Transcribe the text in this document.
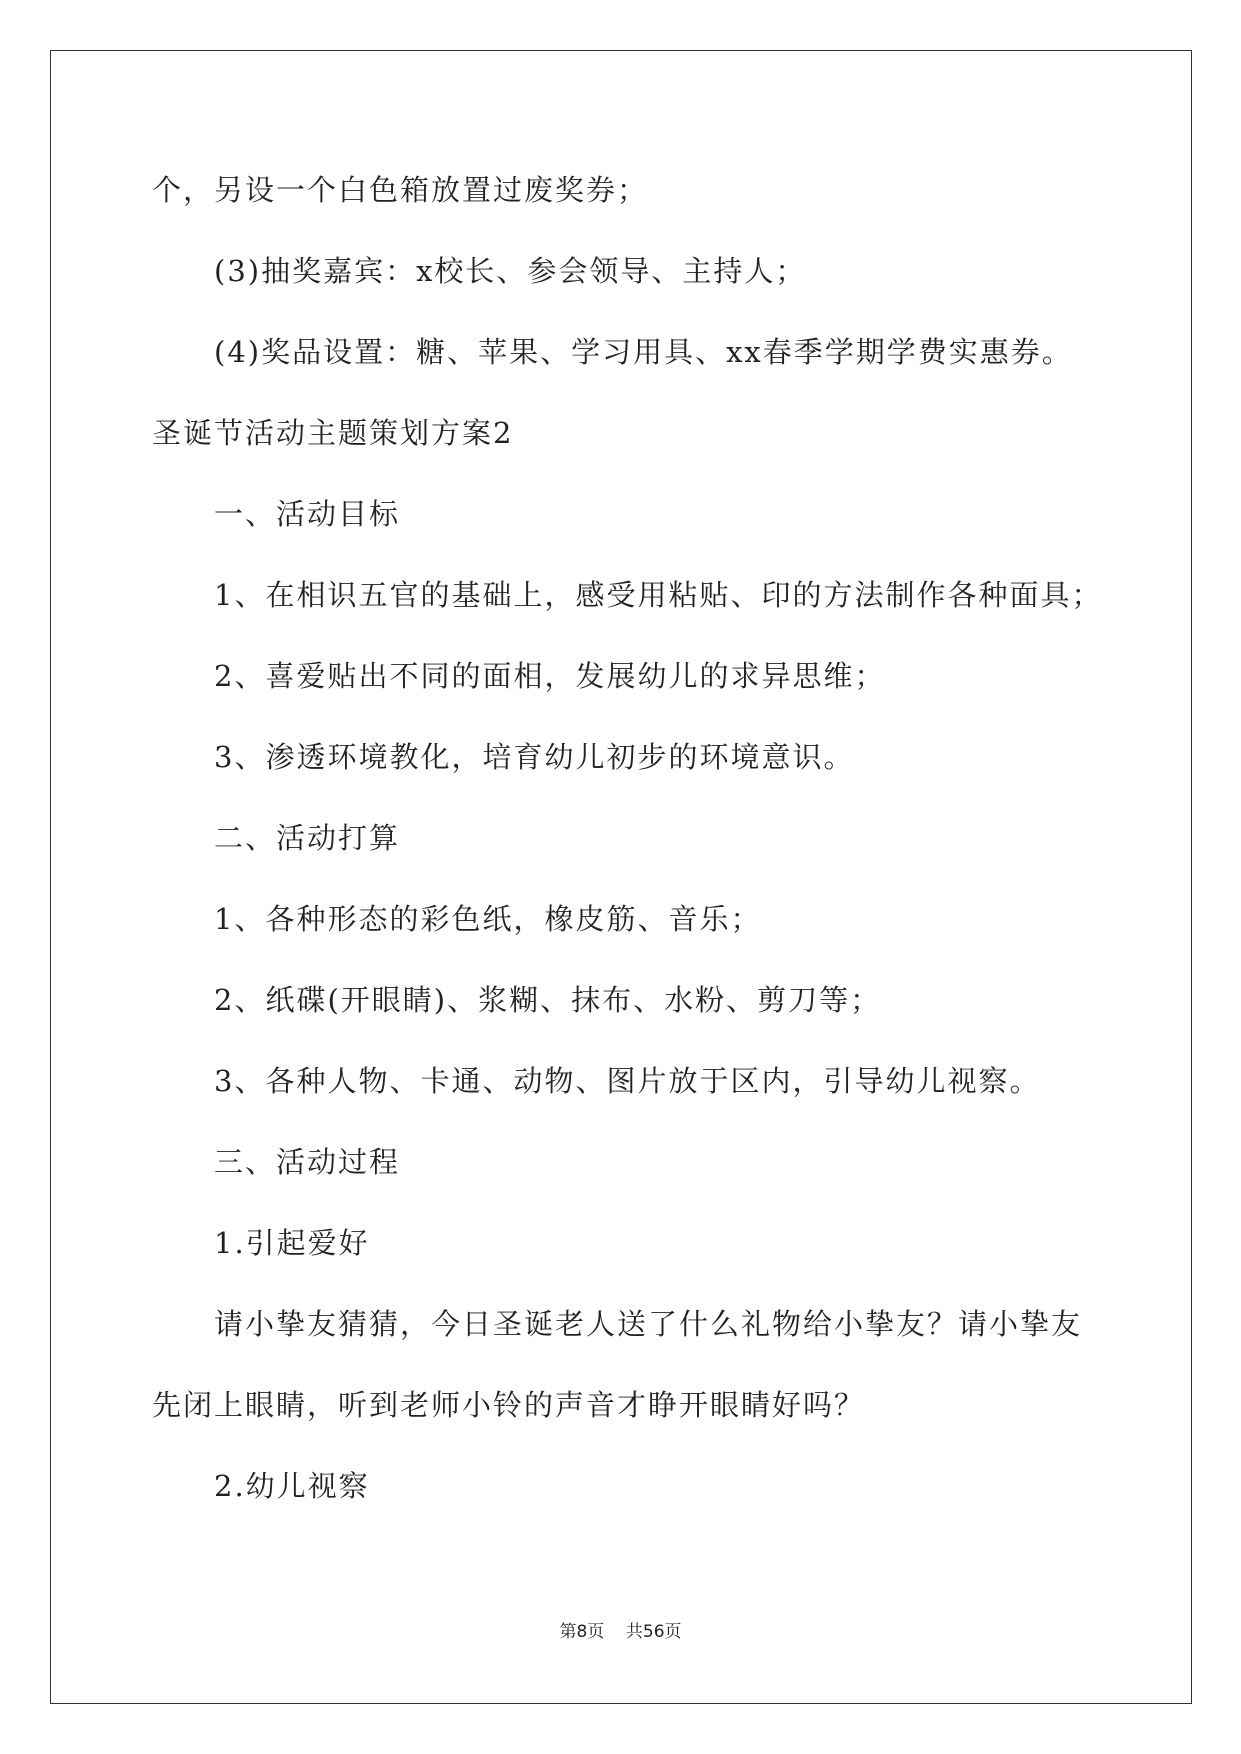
个，另设一个白色箱放置过废奖券；
(3)抽奖嘉宾：x校长、参会领导、主持人；
(4)奖品设置：糖、苹果、学习用具、xx春季学期学费实惠券。
圣诞节活动主题策划方案2
一、活动目标
1、在相识五官的基础上，感受用粘贴、印的方法制作各种面具；
2、喜爱贴出不同的面相，发展幼儿的求异思维；
3、渗透环境教化，培育幼儿初步的环境意识。
二、活动打算
1、各种形态的彩色纸，橡皮筋、音乐；
2、纸碟(开眼睛)、浆糊、抹布、水粉、剪刀等；
3、各种人物、卡通、动物、图片放于区内，引导幼儿视察。
三、活动过程
1.引起爱好
请小挚友猜猜，今日圣诞老人送了什么礼物给小挚友？请小挚友
先闭上眼睛，听到老师小铃的声音才睁开眼睛好吗？
2.幼儿视察
第8页    共56页
